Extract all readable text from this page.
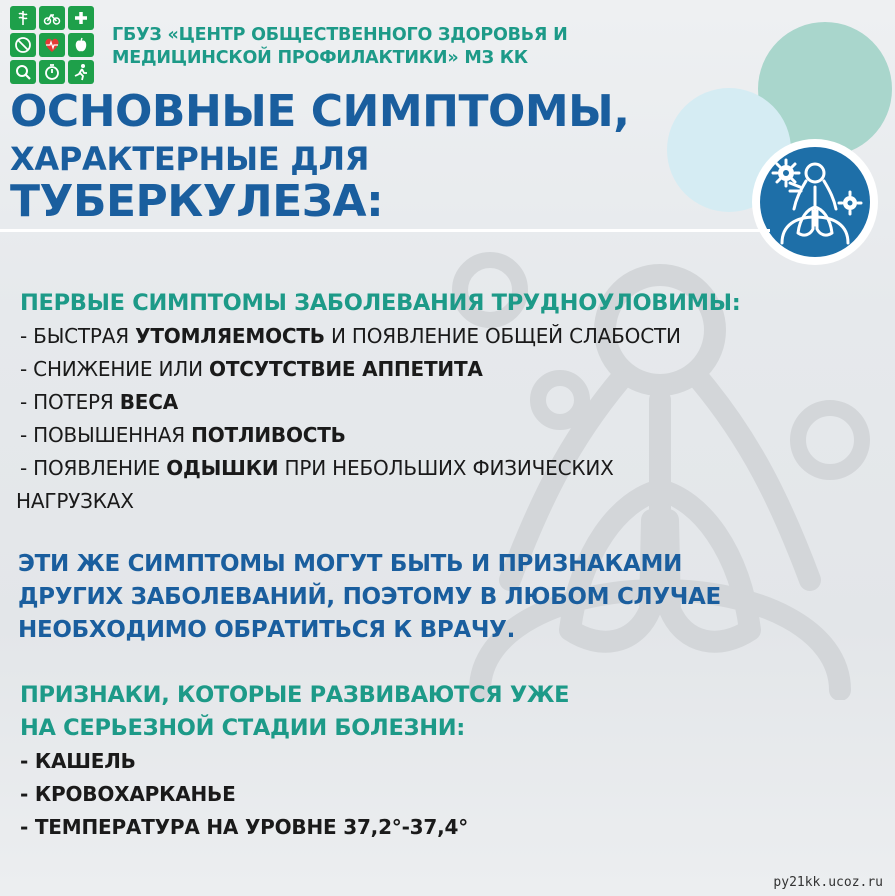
ГБУЗ «ЦЕНТР ОБЩЕСТВЕННОГО ЗДОРОВЬЯ И
МЕДИЦИНСКОЙ ПРОФИЛАКТИКИ» МЗ КК
ОСНОВНЫЕ СИМПТОМЫ,
ХАРАКТЕРНЫЕ ДЛЯ
ТУБЕРКУЛЕЗА:
ПЕРВЫЕ СИМПТОМЫ ЗАБОЛЕВАНИЯ ТРУДНОУЛОВИМЫ:
- БЫСТРАЯ УТОМЛЯЕМОСТЬ И ПОЯВЛЕНИЕ ОБЩЕЙ СЛАБОСТИ
- СНИЖЕНИЕ ИЛИ ОТСУТСТВИЕ АППЕТИТА
- ПОТЕРЯ ВЕСА
- ПОВЫШЕННАЯ ПОТЛИВОСТЬ
- ПОЯВЛЕНИЕ ОДЫШКИ ПРИ НЕБОЛЬШИХ ФИЗИЧЕСКИХ
НАГРУЗКАХ
ЭТИ ЖЕ СИМПТОМЫ МОГУТ БЫТЬ И ПРИЗНАКАМИ
ДРУГИХ ЗАБОЛЕВАНИЙ, ПОЭТОМУ В ЛЮБОМ СЛУЧАЕ
НЕОБХОДИМО ОБРАТИТЬСЯ К ВРАЧУ.
ПРИЗНАКИ, КОТОРЫЕ РАЗВИВАЮТСЯ УЖЕ
НА СЕРЬЕЗНОЙ СТАДИИ БОЛЕЗНИ:
- КАШЕЛЬ
- КРОВОХАРКАНЬЕ
- ТЕМПЕРАТУРА НА УРОВНЕ 37,2°-37,4°
py21kk.ucoz.ru
